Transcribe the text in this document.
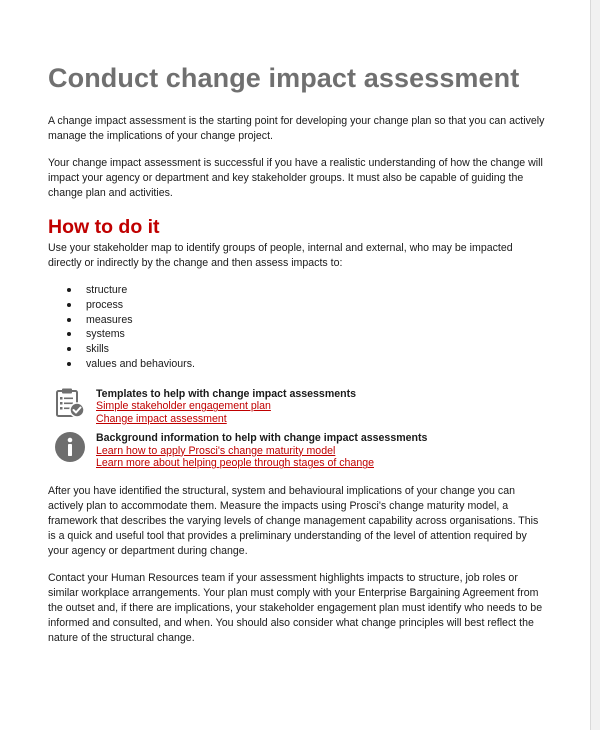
Conduct change impact assessment

A change impact assessment is the starting point for developing your change plan so that you can actively manage the implications of your change project.

Your change impact assessment is successful if you have a realistic understanding of how the change will impact your agency or department and key stakeholder groups. It must also be capable of guiding the change plan and activities.

How to do it

Use your stakeholder map to identify groups of people, internal and external, who may be impacted directly or indirectly by the change and then assess impacts to:

structure
process
measures
systems
skills
values and behaviours.
Templates to help with change impact assessments
Simple stakeholder engagement plan
Change impact assessment
Background information to help with change impact assessments
Learn how to apply Prosci's change maturity model
Learn more about helping people through stages of change

After you have identified the structural, system and behavioural implications of your change you can actively plan to accommodate them. Measure the impacts using Prosci's change maturity model, a framework that describes the varying levels of change management capability across organisations. This is a quick and useful tool that provides a preliminary understanding of the level of attention required by your agency or department during change.

Contact your Human Resources team if your assessment highlights impacts to structure, job roles or similar workplace arrangements. Your plan must comply with your Enterprise Bargaining Agreement from the outset and, if there are implications, your stakeholder engagement plan must identify who needs to be informed and consulted, and when. You should also consider what change principles will best reflect the nature of the structural change.
